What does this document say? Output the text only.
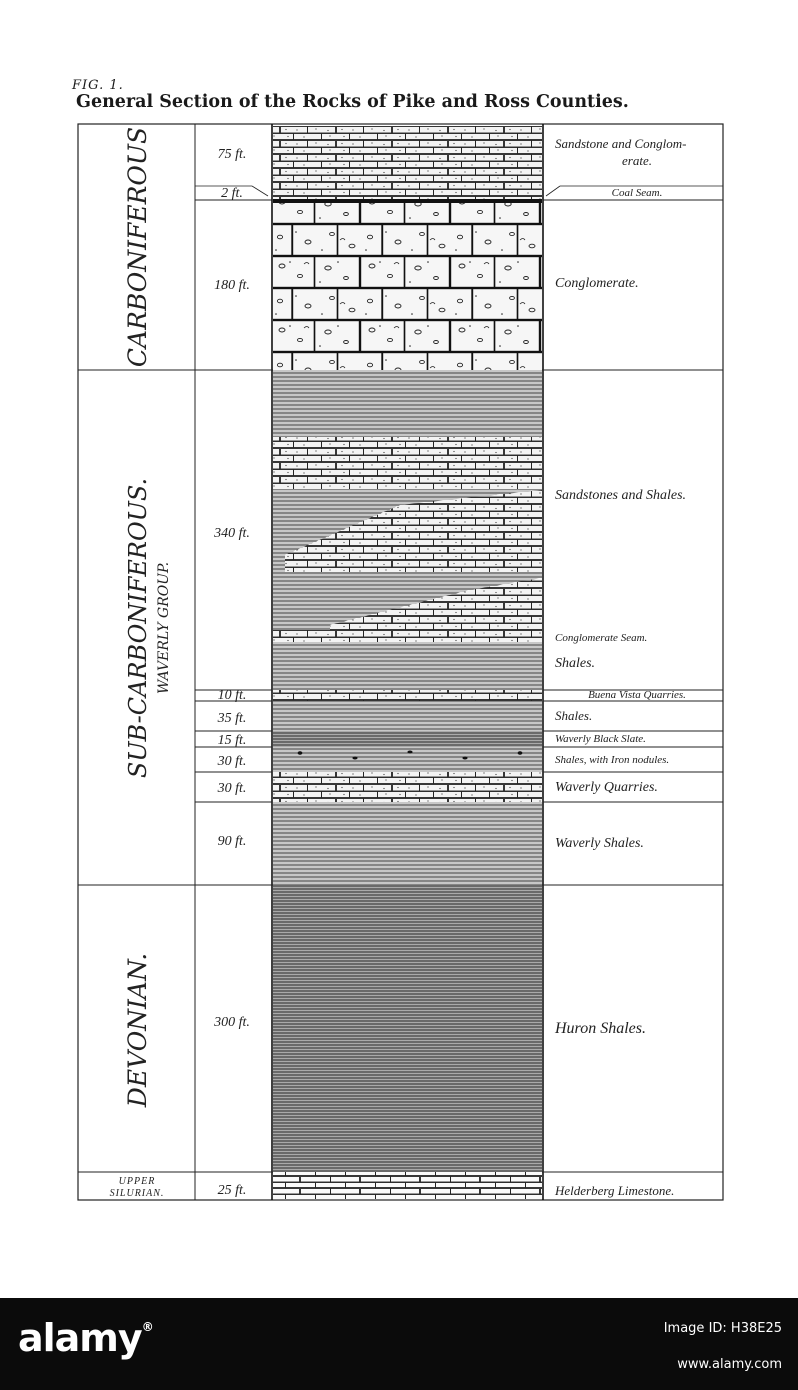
FIG. 1.
General Section of the Rocks of Pike and Ross Counties.
CARBONIFEROUS
SUB-CARBONIFEROUS. WAVERLY GROUP.
DEVONIAN.
UPPER
SILURIAN.
75 ft.
2 ft.
180 ft.
340 ft.
10 ft.
35 ft.
15 ft.
30 ft.
30 ft.
90 ft.
300 ft.
25 ft.
Sandstone and Conglom-
erate.
Coal Seam.
Conglomerate.
Sandstones and Shales.
Conglomerate Seam.
Shales.
Buena Vista Quarries.
Shales.
Waverly Black Slate.
Shales, with Iron nodules.
Waverly Quarries.
Waverly Shales.
Huron Shales.
Helderberg Limestone.
alamy®	Image ID: H38E25
www.alamy.com
